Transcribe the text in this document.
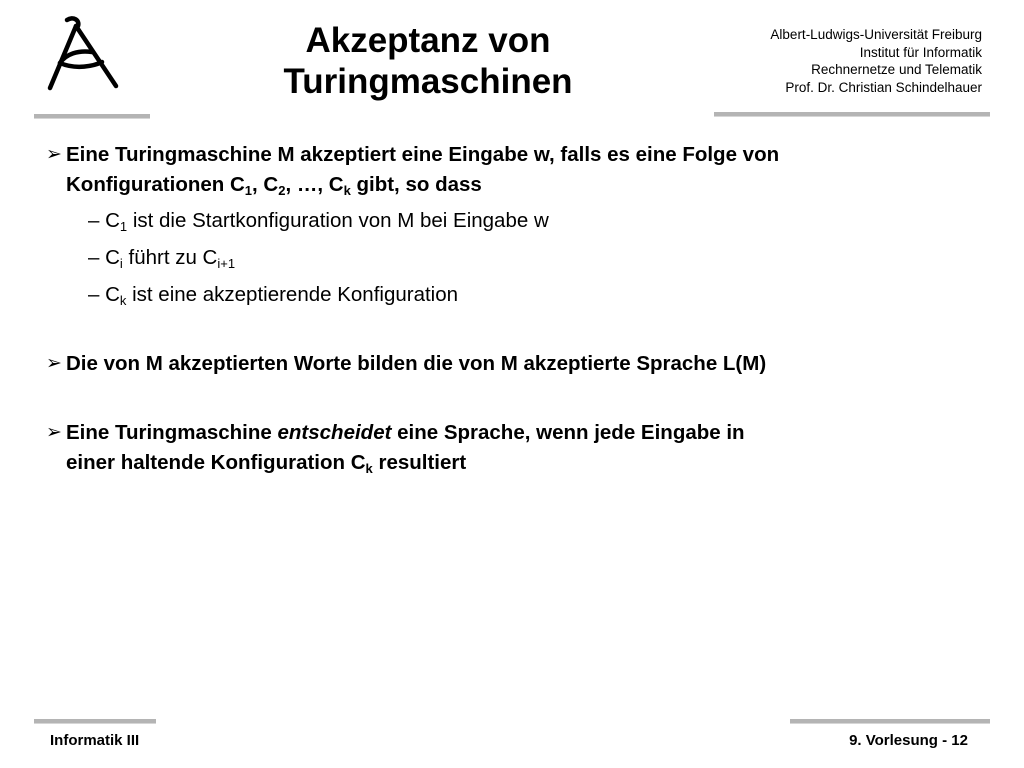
Akzeptanz von
Turingmaschinen
Albert-Ludwigs-Universität Freiburg
Institut für Informatik
Rechnernetze und Telematik
Prof. Dr. Christian Schindelhauer
➢ Eine Turingmaschine M akzeptiert eine Eingabe w, falls es eine Folge von
Konfigurationen $C_1$, $C_2$, …, $C_k$ gibt, so dass
– $C_1$ ist die Startkonfiguration von M bei Eingabe w
– $C_i$ führt zu $C_{i+1}$
– $C_k$ ist eine akzeptierende Konfiguration
➢ Die von M akzeptierten Worte bilden die von M akzeptierte Sprache L(M)
➢ Eine Turingmaschine entscheidet eine Sprache, wenn jede Eingabe in
einer haltende Konfiguration $C_k$ resultiert
Informatik III	9. Vorlesung - 12
